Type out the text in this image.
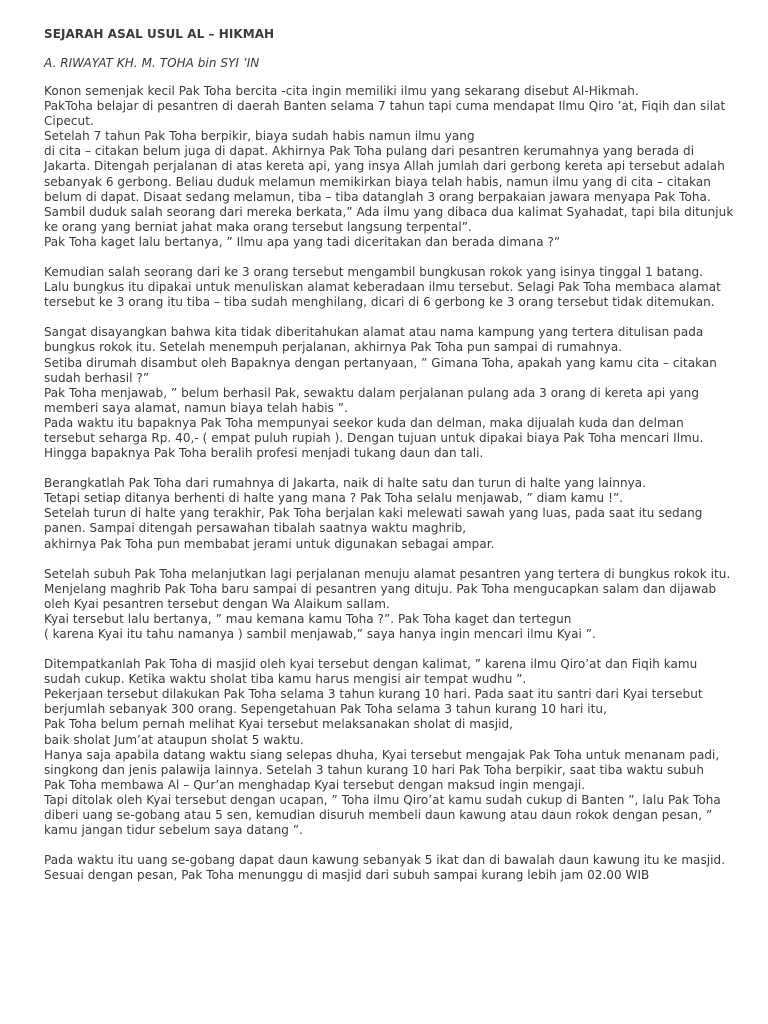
SEJARAH ASAL USUL AL – HIKMAH
A. RIWAYAT KH. M. TOHA bin SYI ’IN
Konon semenjak kecil Pak Toha bercita -cita ingin memiliki ilmu yang sekarang disebut Al-Hikmah.
PakToha belajar di pesantren di daerah Banten selama 7 tahun tapi cuma mendapat Ilmu Qiro ’at, Fiqih dan silat Cipecut.
Setelah 7 tahun Pak Toha berpikir, biaya sudah habis namun ilmu yang
di cita – citakan belum juga di dapat. Akhirnya Pak Toha pulang dari pesantren kerumahnya yang berada di Jakarta. Ditengah perjalanan di atas kereta api, yang insya Allah jumlah dari gerbong kereta api tersebut adalah
sebanyak 6 gerbong. Beliau duduk melamun memikirkan biaya telah habis, namun ilmu yang di cita – citakan belum di dapat. Disaat sedang melamun, tiba – tiba datanglah 3 orang berpakaian jawara menyapa Pak Toha.
Sambil duduk salah seorang dari mereka berkata,” Ada ilmu yang dibaca dua kalimat Syahadat, tapi bila ditunjuk ke orang yang berniat jahat maka orang tersebut langsung terpental”.
Pak Toha kaget lalu bertanya, ” Ilmu apa yang tadi diceritakan dan berada dimana ?”
Kemudian salah seorang dari ke 3 orang tersebut mengambil bungkusan rokok yang isinya tinggal 1 batang.
Lalu bungkus itu dipakai untuk menuliskan alamat keberadaan ilmu tersebut. Selagi Pak Toha membaca alamat tersebut ke 3 orang itu tiba – tiba sudah menghilang, dicari di 6 gerbong ke 3 orang tersebut tidak ditemukan.
Sangat disayangkan bahwa kita tidak diberitahukan alamat atau nama kampung yang tertera ditulisan pada bungkus rokok itu. Setelah menempuh perjalanan, akhirnya Pak Toha pun sampai di rumahnya.
Setiba dirumah disambut oleh Bapaknya dengan pertanyaan, ” Gimana Toha, apakah yang kamu cita – citakan sudah berhasil ?”
Pak Toha menjawab, ” belum berhasil Pak, sewaktu dalam perjalanan pulang ada 3 orang di kereta api yang memberi saya alamat, namun biaya telah habis ”.
Pada waktu itu bapaknya Pak Toha mempunyai seekor kuda dan delman, maka dijualah kuda dan delman tersebut seharga Rp. 40,- ( empat puluh rupiah ). Dengan tujuan untuk dipakai biaya Pak Toha mencari Ilmu.
Hingga bapaknya Pak Toha beralih profesi menjadi tukang daun dan tali.
Berangkatlah Pak Toha dari rumahnya di Jakarta, naik di halte satu dan turun di halte yang lainnya.
Tetapi setiap ditanya berhenti di halte yang mana ? Pak Toha selalu menjawab, ” diam kamu !”.
Setelah turun di halte yang terakhir, Pak Toha berjalan kaki melewati sawah yang luas, pada saat itu sedang panen. Sampai ditengah persawahan tibalah saatnya waktu maghrib,
akhirnya Pak Toha pun membabat jerami untuk digunakan sebagai ampar.
Setelah subuh Pak Toha melanjutkan lagi perjalanan menuju alamat pesantren yang tertera di bungkus rokok itu. Menjelang maghrib Pak Toha baru sampai di pesantren yang dituju. Pak Toha mengucapkan salam dan dijawab oleh Kyai pesantren tersebut dengan Wa Alaikum sallam.
Kyai tersebut lalu bertanya, ” mau kemana kamu Toha ?”. Pak Toha kaget dan tertegun
( karena Kyai itu tahu namanya ) sambil menjawab,” saya hanya ingin mencari ilmu Kyai ”.
Ditempatkanlah Pak Toha di masjid oleh kyai tersebut dengan kalimat, ” karena ilmu Qiro’at dan Fiqih kamu sudah cukup. Ketika waktu sholat tiba kamu harus mengisi air tempat wudhu ”.
Pekerjaan tersebut dilakukan Pak Toha selama 3 tahun kurang 10 hari. Pada saat itu santri dari Kyai tersebut berjumlah sebanyak 300 orang. Sepengetahuan Pak Toha selama 3 tahun kurang 10 hari itu,
Pak Toha belum pernah melihat Kyai tersebut melaksanakan sholat di masjid,
baik sholat Jum’at ataupun sholat 5 waktu.
Hanya saja apabila datang waktu siang selepas dhuha, Kyai tersebut mengajak Pak Toha untuk menanam padi, singkong dan jenis palawija lainnya. Setelah 3 tahun kurang 10 hari Pak Toha berpikir, saat tiba waktu subuh
Pak Toha membawa Al – Qur’an menghadap Kyai tersebut dengan maksud ingin mengaji.
Tapi ditolak oleh Kyai tersebut dengan ucapan, ” Toha ilmu Qiro’at kamu sudah cukup di Banten ”, lalu Pak Toha diberi uang se-gobang atau 5 sen, kemudian disuruh membeli daun kawung atau daun rokok dengan pesan, ” kamu jangan tidur sebelum saya datang ”.
Pada waktu itu uang se-gobang dapat daun kawung sebanyak 5 ikat dan di bawalah daun kawung itu ke masjid. Sesuai dengan pesan, Pak Toha menunggu di masjid dari subuh sampai kurang lebih jam 02.00 WIB
